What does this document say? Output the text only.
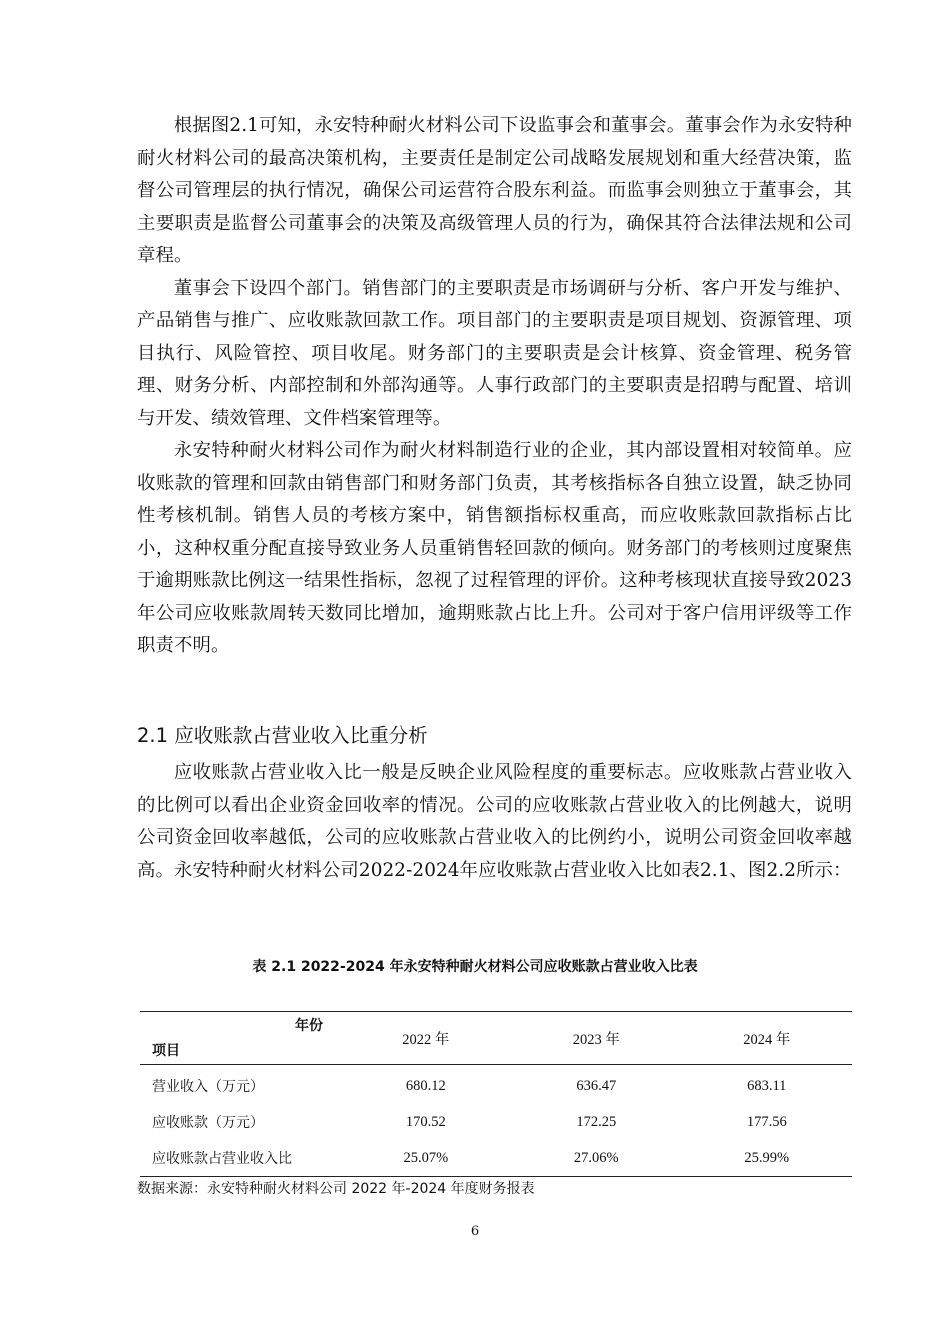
根据图2.1可知，永安特种耐火材料公司下设监事会和董事会。董事会作为永安特种耐火材料公司的最高决策机构，主要责任是制定公司战略发展规划和重大经营决策，监督公司管理层的执行情况，确保公司运营符合股东利益。而监事会则独立于董事会，其主要职责是监督公司董事会的决策及高级管理人员的行为，确保其符合法律法规和公司章程。

董事会下设四个部门。销售部门的主要职责是市场调研与分析、客户开发与维护、产品销售与推广、应收账款回款工作。项目部门的主要职责是项目规划、资源管理、项目执行、风险管控、项目收尾。财务部门的主要职责是会计核算、资金管理、税务管理、财务分析、内部控制和外部沟通等。人事行政部门的主要职责是招聘与配置、培训与开发、绩效管理、文件档案管理等。

永安特种耐火材料公司作为耐火材料制造行业的企业，其内部设置相对较简单。应收账款的管理和回款由销售部门和财务部门负责，其考核指标各自独立设置，缺乏协同性考核机制。销售人员的考核方案中，销售额指标权重高，而应收账款回款指标占比小，这种权重分配直接导致业务人员重销售轻回款的倾向。财务部门的考核则过度聚焦于逾期账款比例这一结果性指标，忽视了过程管理的评价。这种考核现状直接导致2023年公司应收账款周转天数同比增加，逾期账款占比上升。公司对于客户信用评级等工作职责不明。

2.1 应收账款占营业收入比重分析

应收账款占营业收入比一般是反映企业风险程度的重要标志。应收账款占营业收入的比例可以看出企业资金回收率的情况。公司的应收账款占营业收入的比例越大，说明公司资金回收率越低，公司的应收账款占营业收入的比例约小，说明公司资金回收率越高。永安特种耐火材料公司2022-2024年应收账款占营业收入比如表2.1、图2.2所示：

表 2.1 2022-2024 年永安特种耐火材料公司应收账款占营业收入比表
年份
项目	2022 年	2023 年	2024 年
营业收入（万元）	680.12	636.47	683.11
应收账款（万元）	170.52	172.25	177.56
应收账款占营业收入比	25.07%	27.06%	25.99%
数据来源：永安特种耐火材料公司 2022 年-2024 年度财务报表
6
